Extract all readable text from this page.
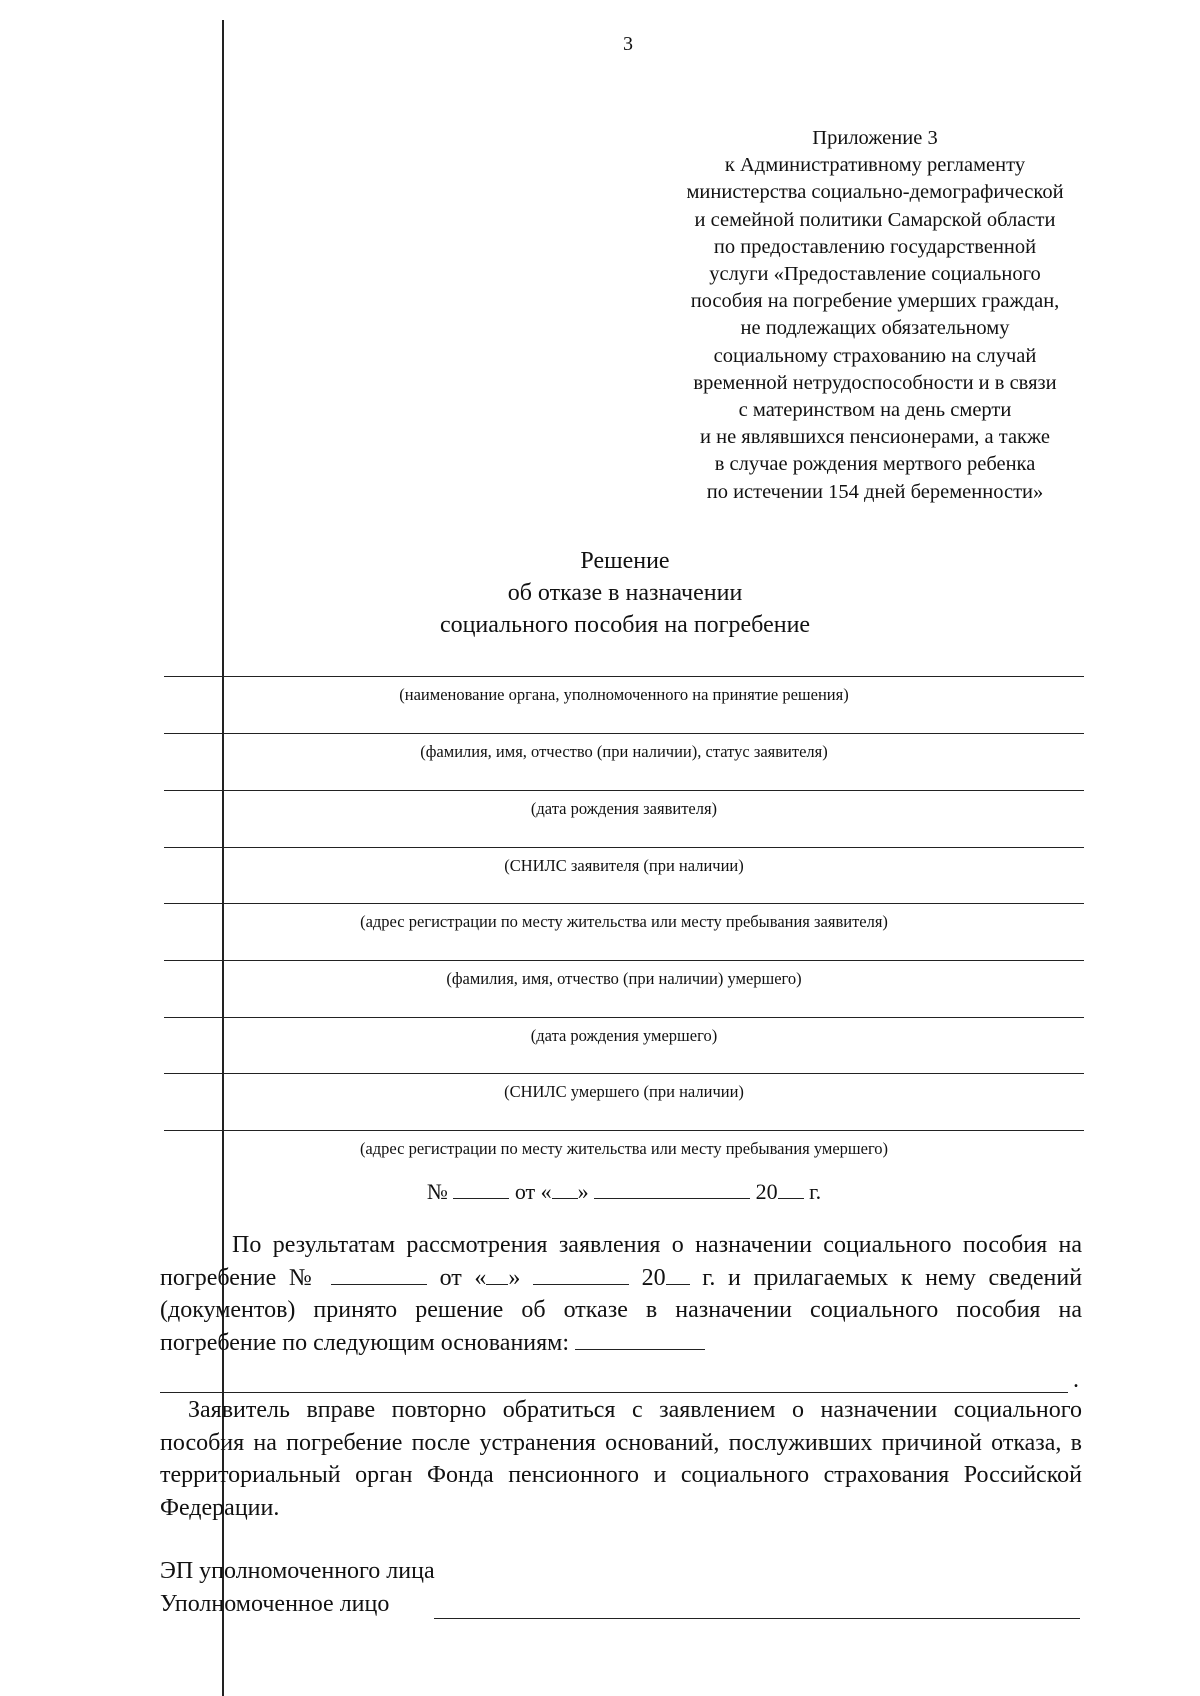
3
Приложение 3
к Административному регламенту
министерства социально-демографической
и семейной политики Самарской области
по предоставлению государственной
услуги «Предоставление социального
пособия на погребение умерших граждан,
не подлежащих обязательному
социальному страхованию на случай
временной нетрудоспособности и в связи
с материнством на день смерти
и не являвшихся пенсионерами, а также
в случае рождения мертвого ребенка
по истечении 154 дней беременности»
Решение
об отказе в назначении
социального пособия на погребение
(наименование органа, уполномоченного на принятие решения)
(фамилия, имя, отчество (при наличии), статус заявителя)
(дата рождения заявителя)
(СНИЛС заявителя (при наличии)
(адрес регистрации по месту жительства или месту пребывания заявителя)
(фамилия, имя, отчество (при наличии) умершего)
(дата рождения умершего)
(СНИЛС умершего (при наличии)
(адрес регистрации по месту жительства или месту пребывания умершего)
№	от « »	20 г.
По результатам рассмотрения заявления о назначении социального пособия на погребение №	от « »	20 г. и прилагаемых к нему сведений (документов) принято решение об отказе в назначении социального пособия на погребение по следующим основаниям:
.
Заявитель вправе повторно обратиться с заявлением о назначении социального пособия на погребение после устранения оснований, послуживших причиной отказа, в территориальный орган Фонда пенсионного и социального страхования Российской Федерации.
ЭП уполномоченного лица
Уполномоченное лицо
